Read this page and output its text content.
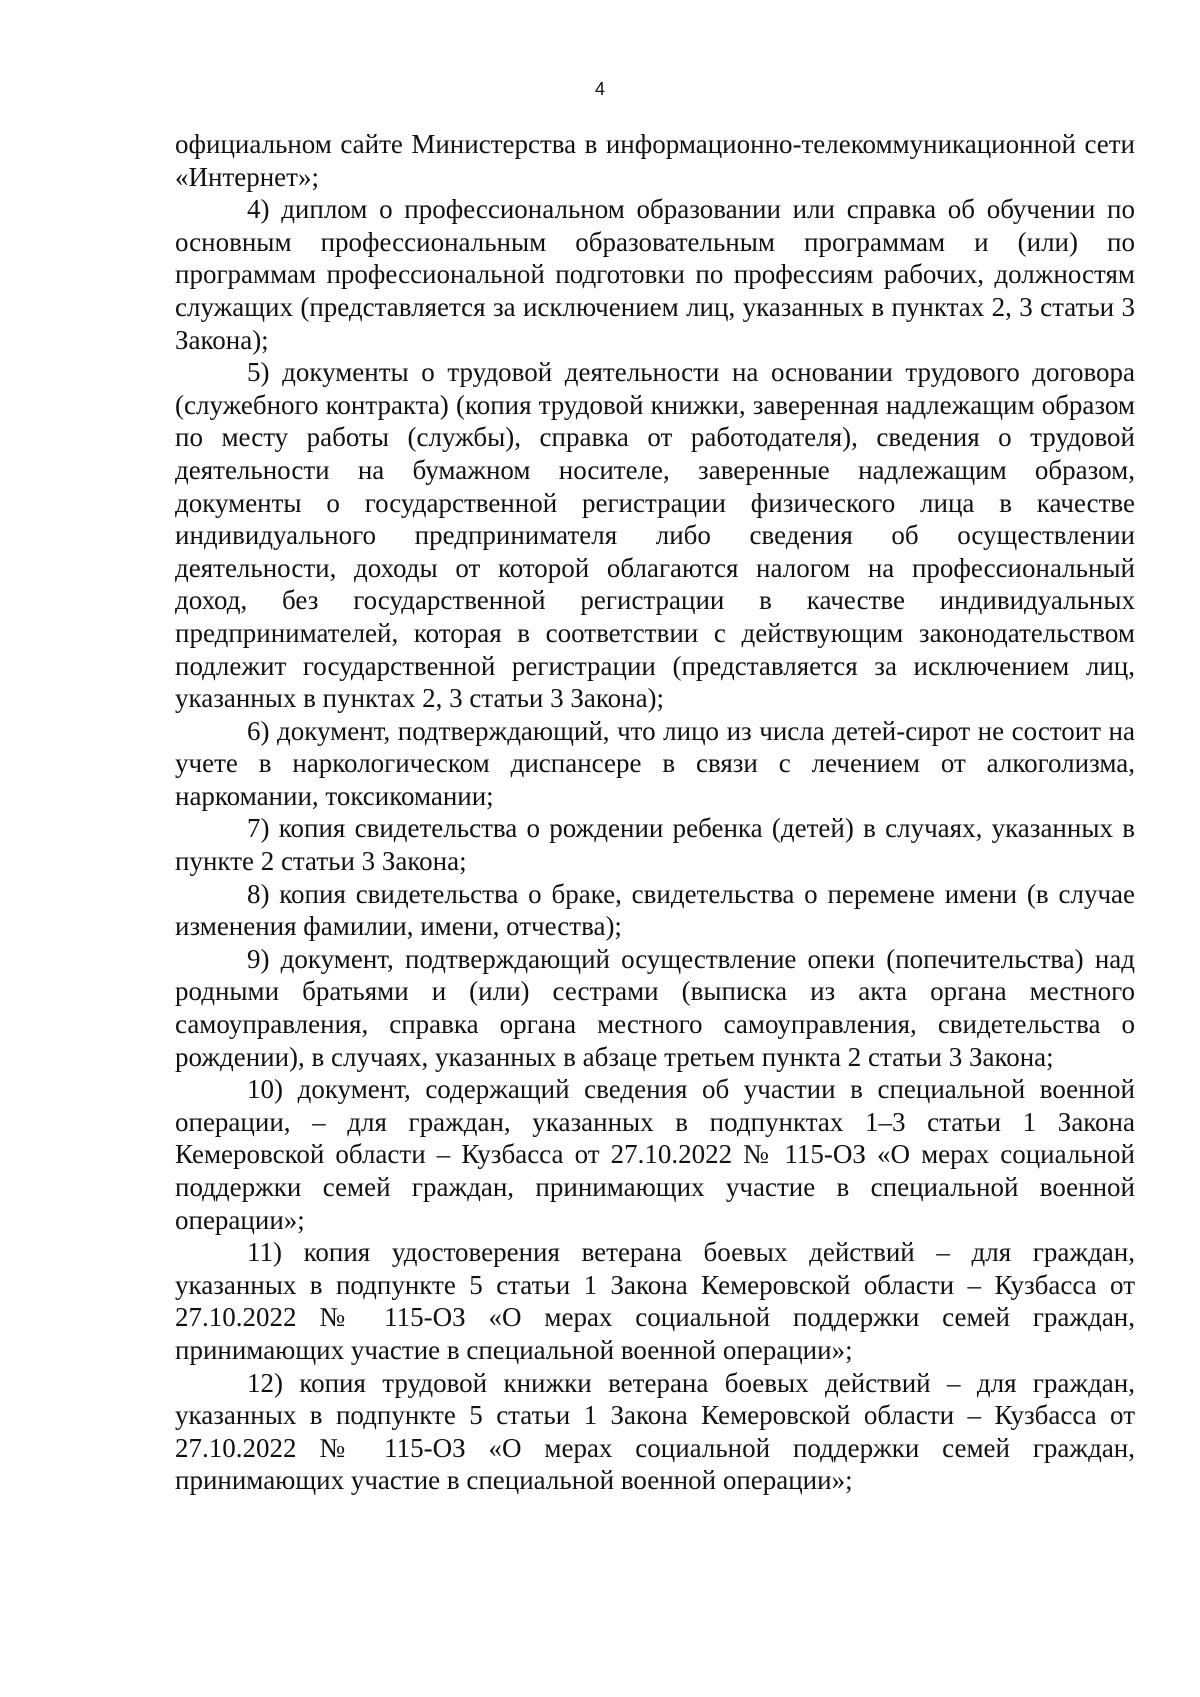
4

официальном сайте Министерства в информационно-телекоммуникационной сети «Интернет»;

4) диплом о профессиональном образовании или справка об обучении по основным профессиональным образовательным программам и (или) по программам профессиональной подготовки по профессиям рабочих, должностям служащих (представляется за исключением лиц, указанных в пунктах 2, 3 статьи 3 Закона);

5) документы о трудовой деятельности на основании трудового договора (служебного контракта) (копия трудовой книжки, заверенная надлежащим образом по месту работы (службы), справка от работодателя), сведения о трудовой деятельности на бумажном носителе, заверенные надлежащим образом, документы о государственной регистрации физического лица в качестве индивидуального предпринимателя либо сведения об осуществлении деятельности, доходы от которой облагаются налогом на профессиональный доход, без государственной регистрации в качестве индивидуальных предпринимателей, которая в соответствии с действующим законодательством подлежит государственной регистрации (представляется за исключением лиц, указанных в пунктах 2, 3 статьи 3 Закона);

6) документ, подтверждающий, что лицо из числа детей-сирот не состоит на учете в наркологическом диспансере в связи с лечением от алкоголизма, наркомании, токсикомании;

7) копия свидетельства о рождении ребенка (детей) в случаях, указанных в пункте 2 статьи 3 Закона;

8) копия свидетельства о браке, свидетельства о перемене имени (в случае изменения фамилии, имени, отчества);

9) документ, подтверждающий осуществление опеки (попечительства) над родными братьями и (или) сестрами (выписка из акта органа местного самоуправления, справка органа местного самоуправления, свидетельства о рождении), в случаях, указанных в абзаце третьем пункта 2 статьи 3 Закона;

10) документ, содержащий сведения об участии в специальной военной операции, – для граждан, указанных в подпунктах 1–3 статьи 1 Закона Кемеровской области – Кузбасса от 27.10.2022 № 115-ОЗ «О мерах социальной поддержки семей граждан, принимающих участие в специальной военной операции»;

11) копия удостоверения ветерана боевых действий – для граждан, указанных в подпункте 5 статьи 1 Закона Кемеровской области – Кузбасса от 27.10.2022 № 115-ОЗ «О мерах социальной поддержки семей граждан, принимающих участие в специальной военной операции»;

12) копия трудовой книжки ветерана боевых действий – для граждан, указанных в подпункте 5 статьи 1 Закона Кемеровской области – Кузбасса от 27.10.2022 № 115-ОЗ «О мерах социальной поддержки семей граждан, принимающих участие в специальной военной операции»;
